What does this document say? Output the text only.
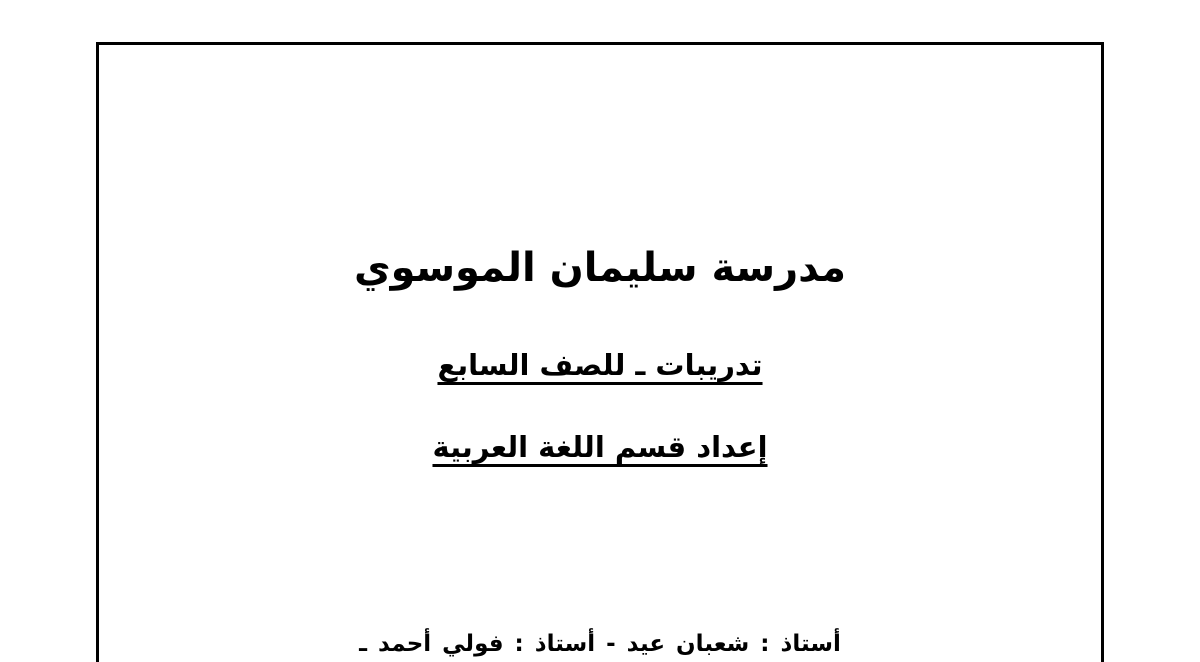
مدرسة سليمان الموسوي
تدريبات ـ للصف السابع
إعداد قسم اللغة العربية
أستاذ : شعبان عيد - أستاذ : فولي أحمد ـ
